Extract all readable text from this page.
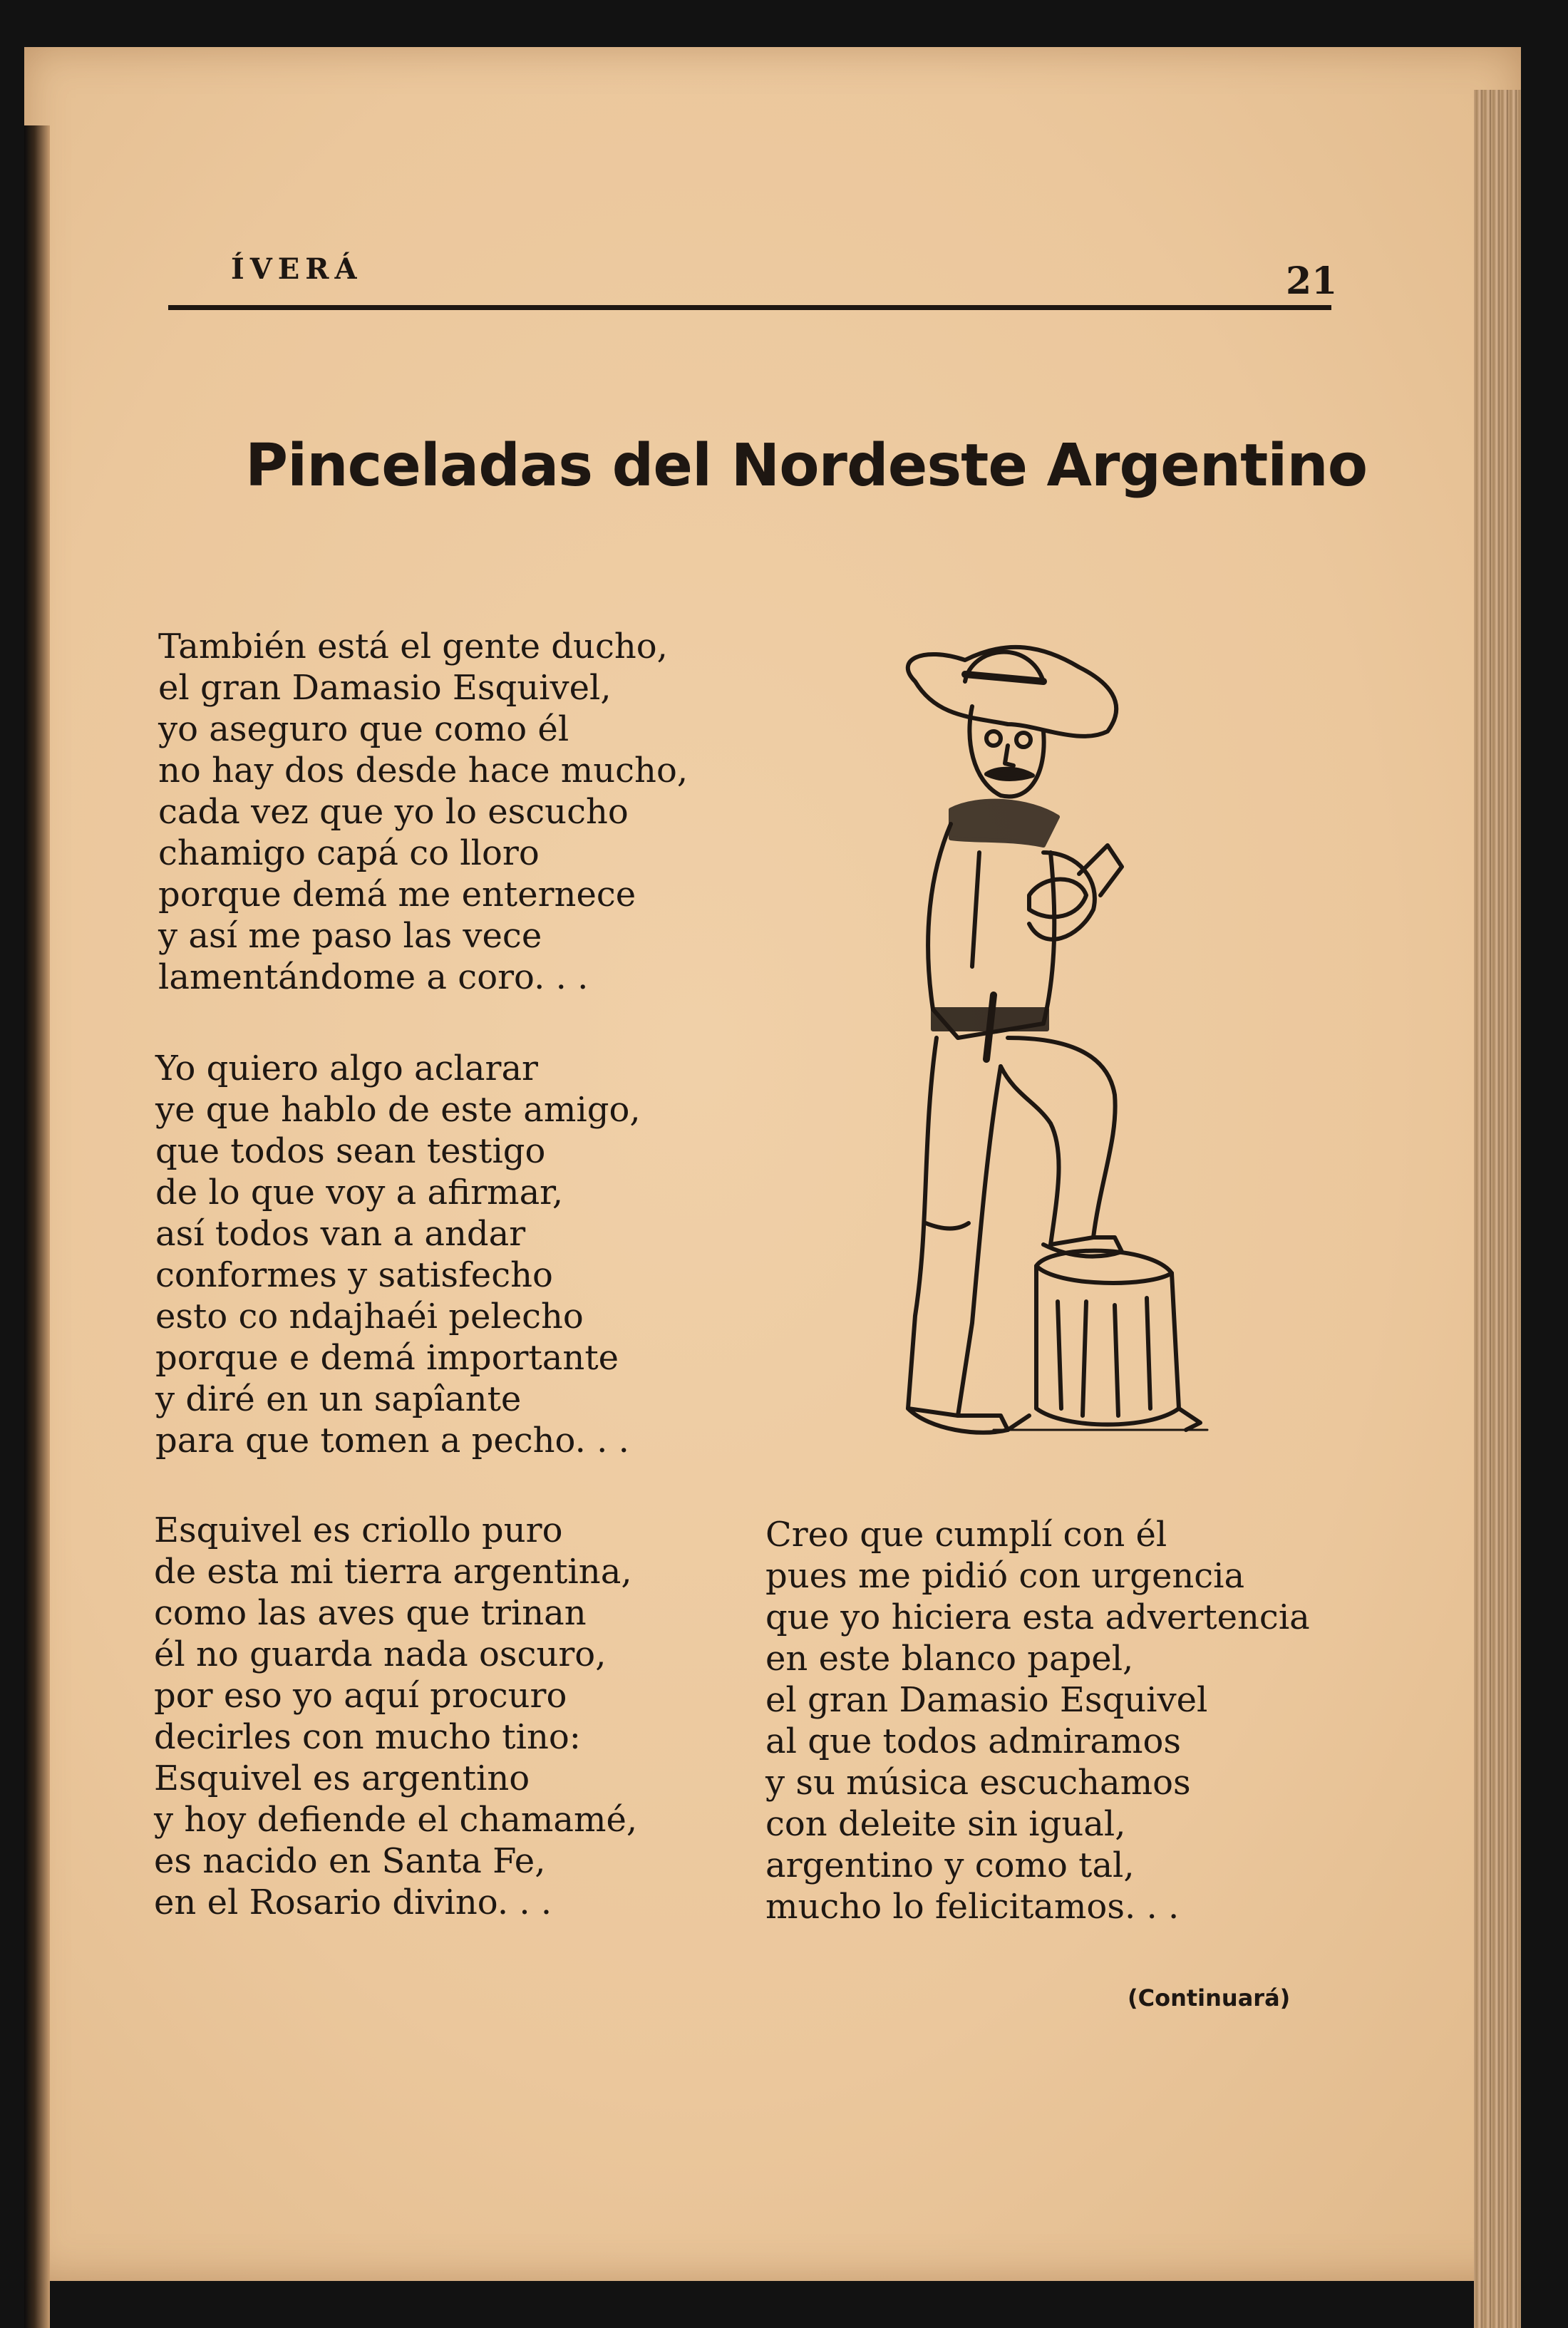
ÍVERÁ	21
Pinceladas del Nordeste Argentino
También está el gente ducho,
el gran Damasio Esquivel,
yo aseguro que como él
no hay dos desde hace mucho,
cada vez que yo lo escucho
chamigo capá co lloro
porque demá me enternece
y así me paso las vece
lamentándome a coro. . .
Yo quiero algo aclarar
ye que hablo de este amigo,
que todos sean testigo
de lo que voy a afirmar,
así todos van a andar
conformes y satisfecho
esto co ndajhaéi pelecho
porque e demá importante
y diré en un sapîante
para que tomen a pecho. . .
Esquivel es criollo puro
de esta mi tierra argentina,
como las aves que trinan
él no guarda nada oscuro,
por eso yo aquí procuro
decirles con mucho tino:
Esquivel es argentino
y hoy defiende el chamamé,
es nacido en Santa Fe,
en el Rosario divino. . .
Creo que cumplí con él
pues me pidió con urgencia
que yo hiciera esta advertencia
en este blanco papel,
el gran Damasio Esquivel
al que todos admiramos
y su música escuchamos
con deleite sin igual,
argentino y como tal,
mucho lo felicitamos. . .
(Continuará)
